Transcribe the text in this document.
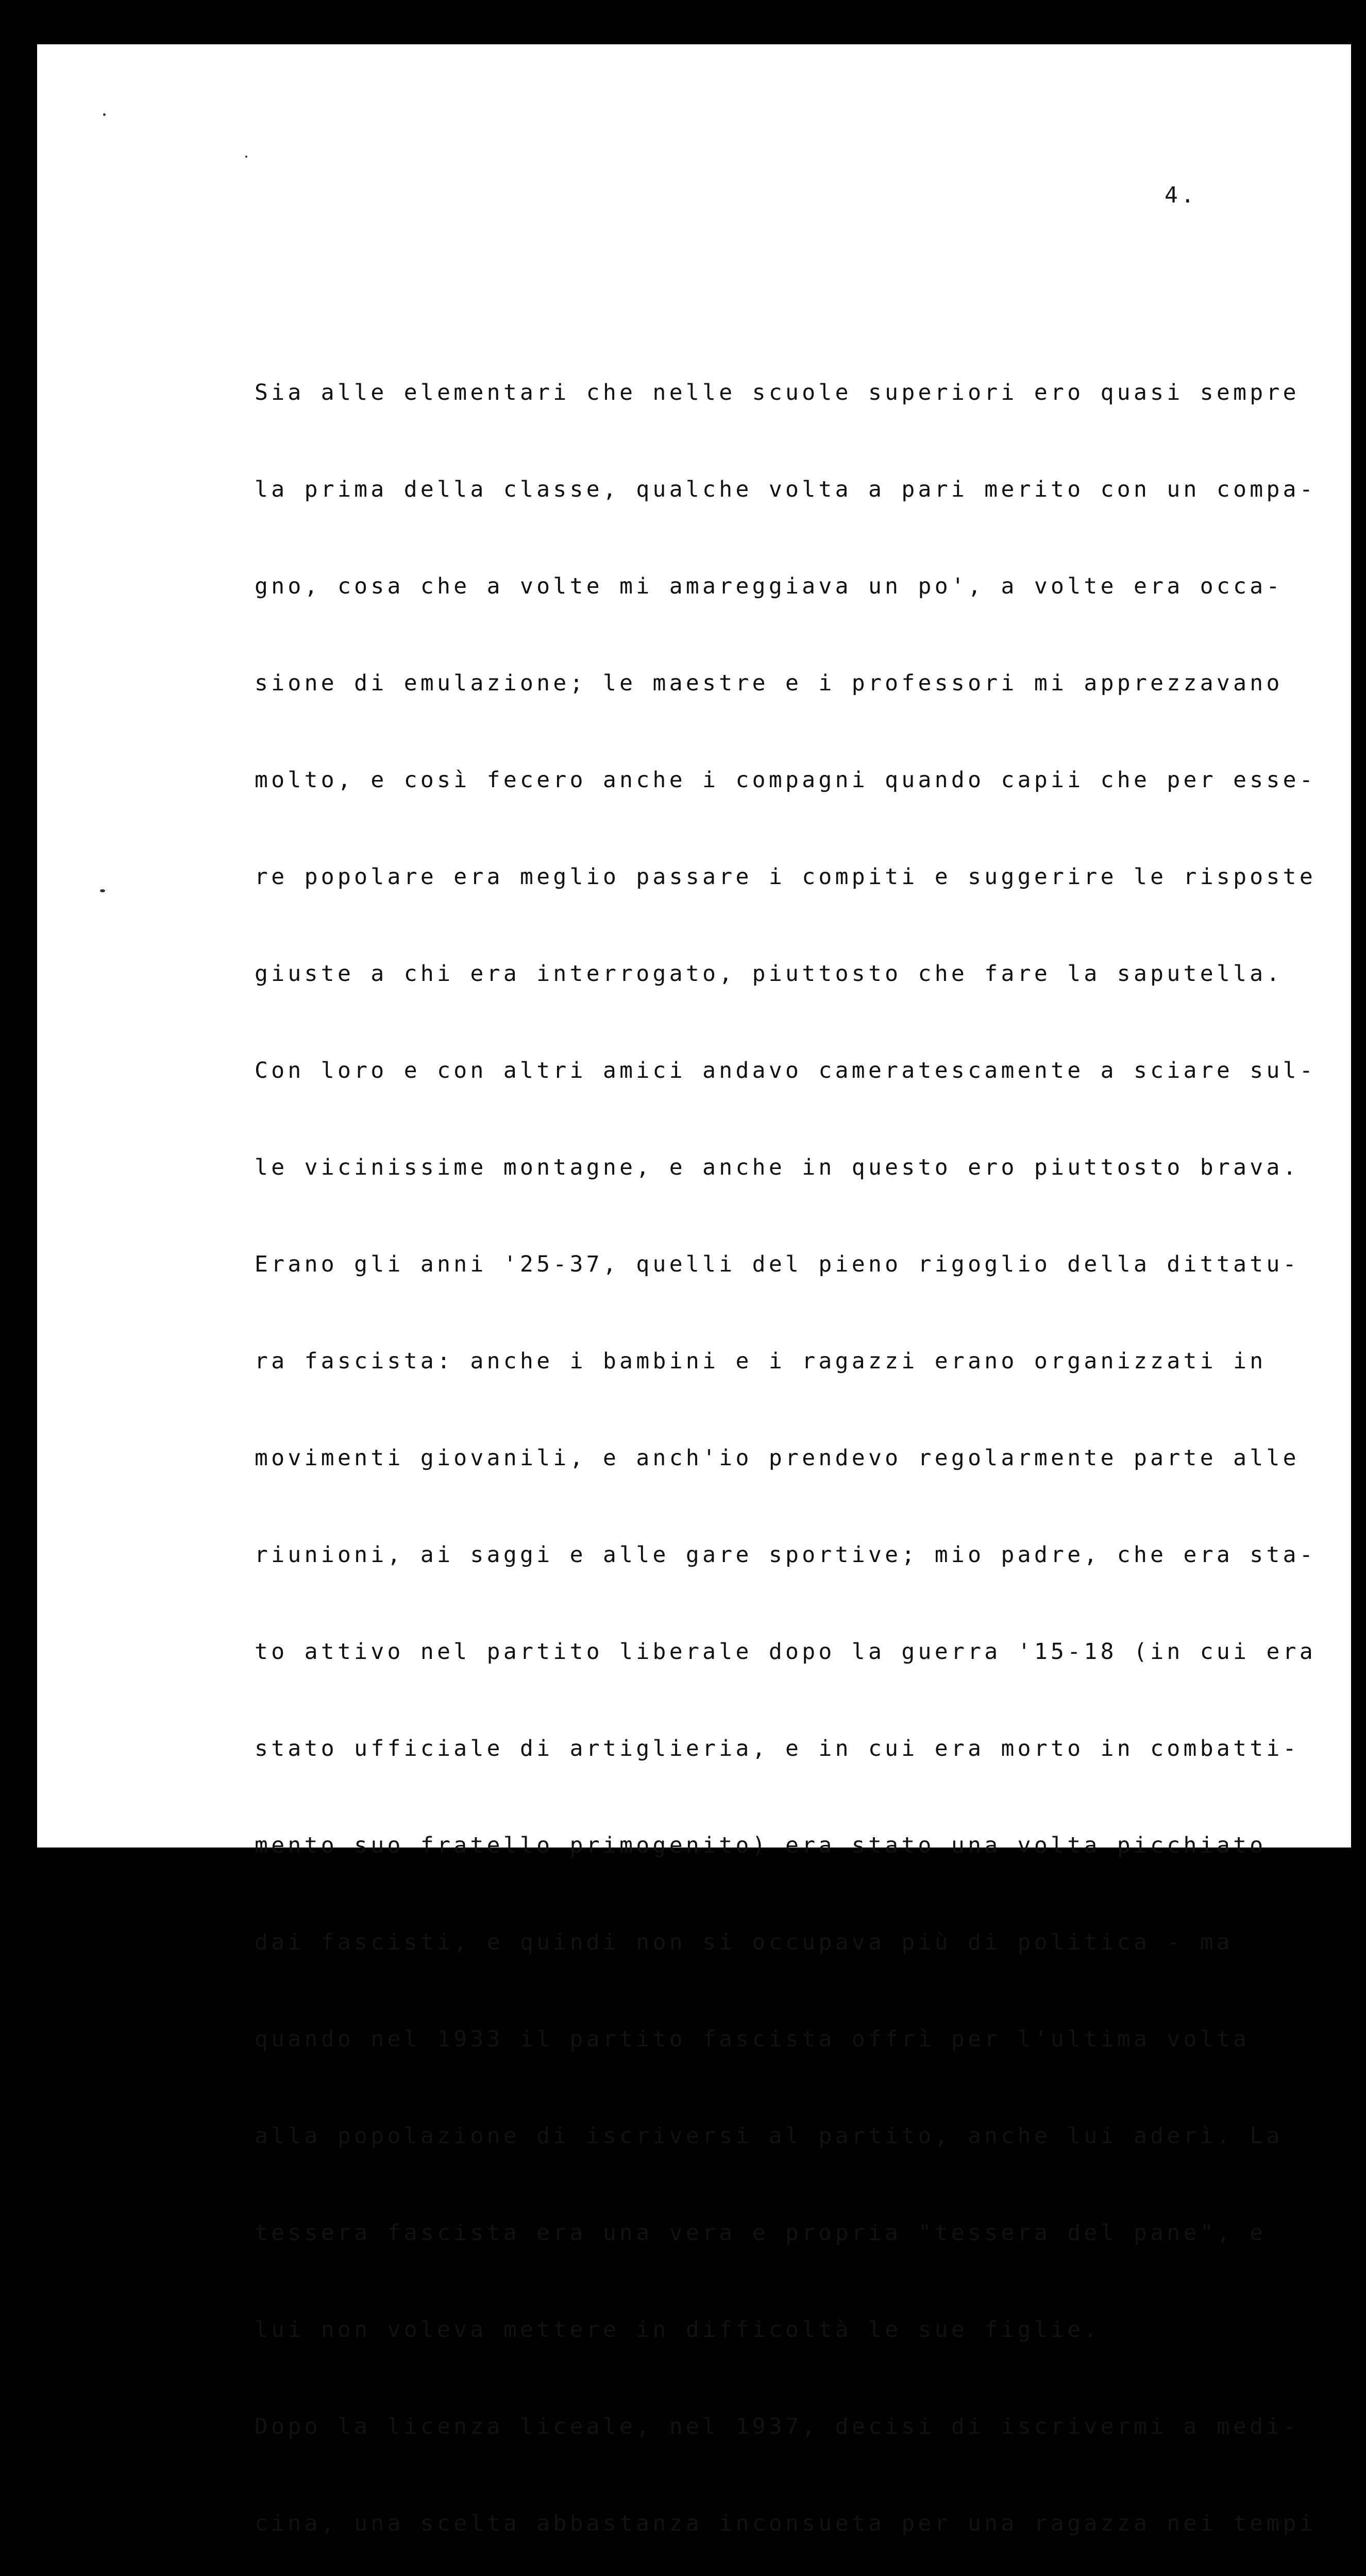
4.

Sia alle elementari che nelle scuole superiori ero quasi sempre

la prima della classe, qualche volta a pari merito con un compa-

gno, cosa che a volte mi amareggiava un po', a volte era occa-

sione di emulazione; le maestre e i professori mi apprezzavano

molto, e così fecero anche i compagni quando capii che per esse-

re popolare era meglio passare i compiti e suggerire le risposte

giuste a chi era interrogato, piuttosto che fare la saputella.

Con loro e con altri amici andavo cameratescamente a sciare sul-

le vicinissime montagne, e anche in questo ero piuttosto brava.

Erano gli anni '25-37, quelli del pieno rigoglio della dittatu-

ra fascista: anche i bambini e i ragazzi erano organizzati in

movimenti giovanili, e anch'io prendevo regolarmente parte alle

riunioni, ai saggi e alle gare sportive; mio padre, che era sta-

to attivo nel partito liberale dopo la guerra '15-18 (in cui era

stato ufficiale di artiglieria, e in cui era morto in combatti-

mento suo fratello primogenito) era stato una volta picchiato

dai fascisti, e quindi non si occupava più di politica - ma

quando nel 1933 il partito fascista offrì per l'ultima volta

alla popolazione di iscriversi al partito, anche lui aderì. La

tessera fascista era una vera e propria "tessera del pane", e

lui non voleva mettere in difficoltà le sue figlie.

Dopo la licenza liceale, nel 1937, decisi di iscrivermi a medi-

cina, una scelta abbastanza inconsueta per una ragazza nei tempi
